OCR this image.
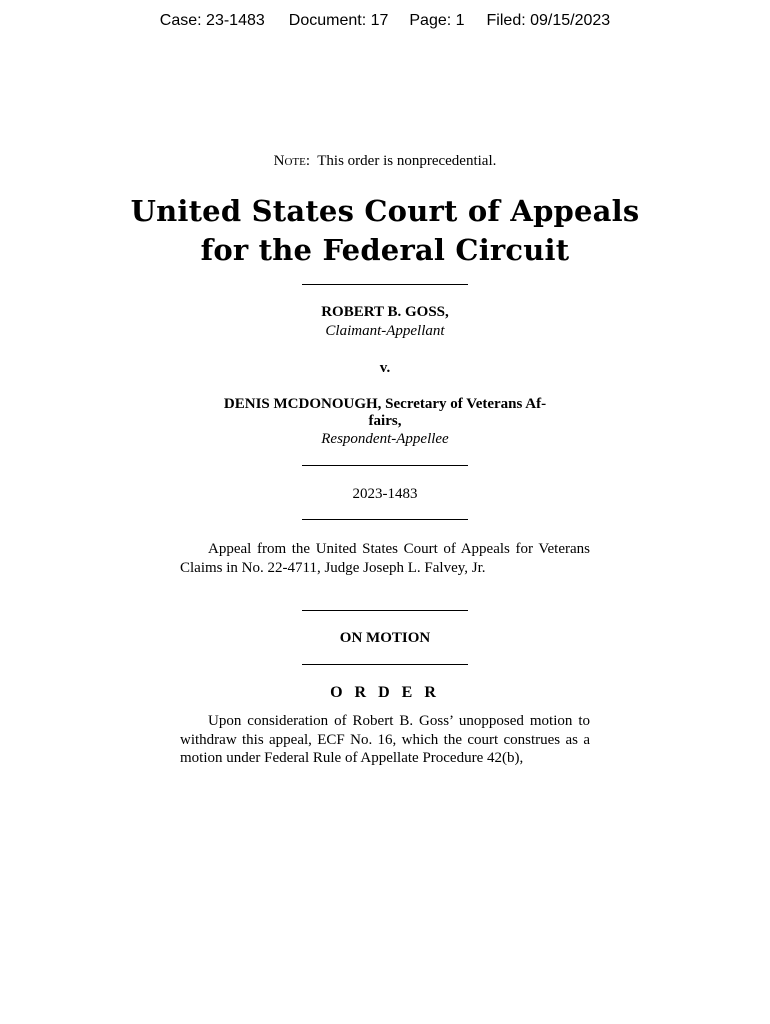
Case: 23-1483 Document: 17 Page: 1 Filed: 09/15/2023
Note: This order is nonprecedential.
United States Court of Appeals
for the Federal Circuit
ROBERT B. GOSS,
Claimant-Appellant
v.
DENIS MCDONOUGH, Secretary of Veterans Af-
fairs,
Respondent-Appellee
2023-1483
Appeal from the United States Court of Appeals for Veterans Claims in No. 22-4711, Judge Joseph L. Falvey, Jr.
ON MOTION
O R D E R
Upon consideration of Robert B. Goss’ unopposed motion to withdraw this appeal, ECF No. 16, which the court construes as a motion under Federal Rule of Appellate Procedure 42(b),
